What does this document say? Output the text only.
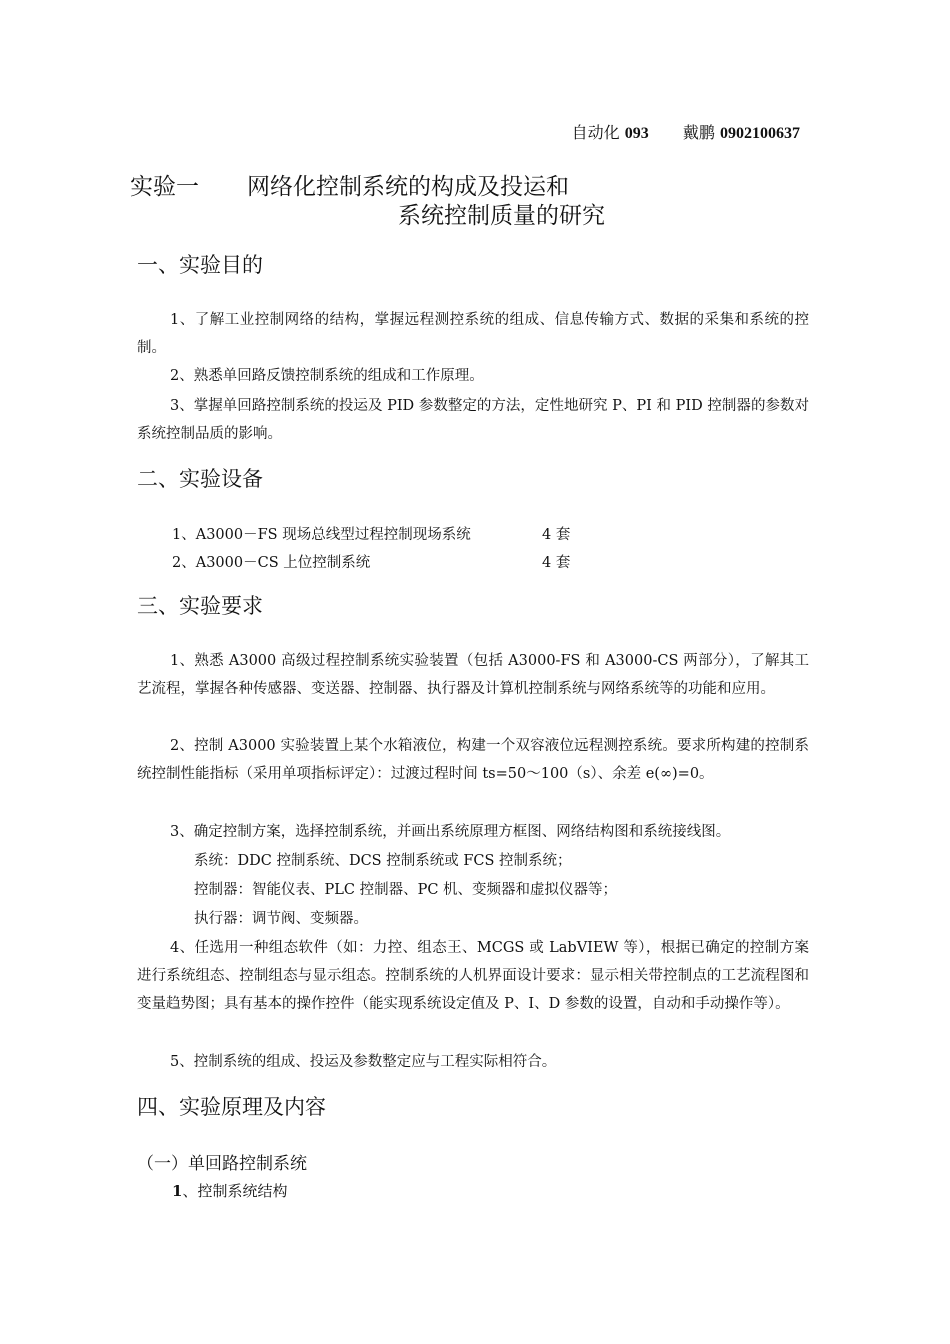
自动化 093 戴鹏 0902100637
实验一 网络化控制系统的构成及投运和
系统控制质量的研究
一、实验目的
1、了解工业控制网络的结构，掌握远程测控系统的组成、信息传输方式、数据的采集和系统的控制。
2、熟悉单回路反馈控制系统的组成和工作原理。
3、掌握单回路控制系统的投运及 PID 参数整定的方法，定性地研究 P、PI 和 PID 控制器的参数对系统控制品质的影响。
二、实验设备
1、A3000－FS 现场总线型过程控制现场系统	4 套
2、A3000－CS 上位控制系统	4 套
三、实验要求
1、熟悉 A3000 高级过程控制系统实验装置（包括 A3000-FS 和 A3000-CS 两部分），了解其工艺流程，掌握各种传感器、变送器、控制器、执行器及计算机控制系统与网络系统等的功能和应用。
2、控制 A3000 实验装置上某个水箱液位，构建一个双容液位远程测控系统。要求所构建的控制系统控制性能指标（采用单项指标评定）：过渡过程时间 ts=50～100（s）、余差 e(∞)=0。
3、确定控制方案，选择控制系统，并画出系统原理方框图、网络结构图和系统接线图。
系统：DDC 控制系统、DCS 控制系统或 FCS 控制系统；
控制器：智能仪表、PLC 控制器、PC 机、变频器和虚拟仪器等；
执行器：调节阀、变频器。
4、任选用一种组态软件（如：力控、组态王、MCGS 或 LabVIEW 等），根据已确定的控制方案进行系统组态、控制组态与显示组态。控制系统的人机界面设计要求：显示相关带控制点的工艺流程图和变量趋势图；具有基本的操作控件（能实现系统设定值及 P、I、D 参数的设置，自动和手动操作等）。
5、控制系统的组成、投运及参数整定应与工程实际相符合。
四、实验原理及内容
（一）单回路控制系统
1、控制系统结构
